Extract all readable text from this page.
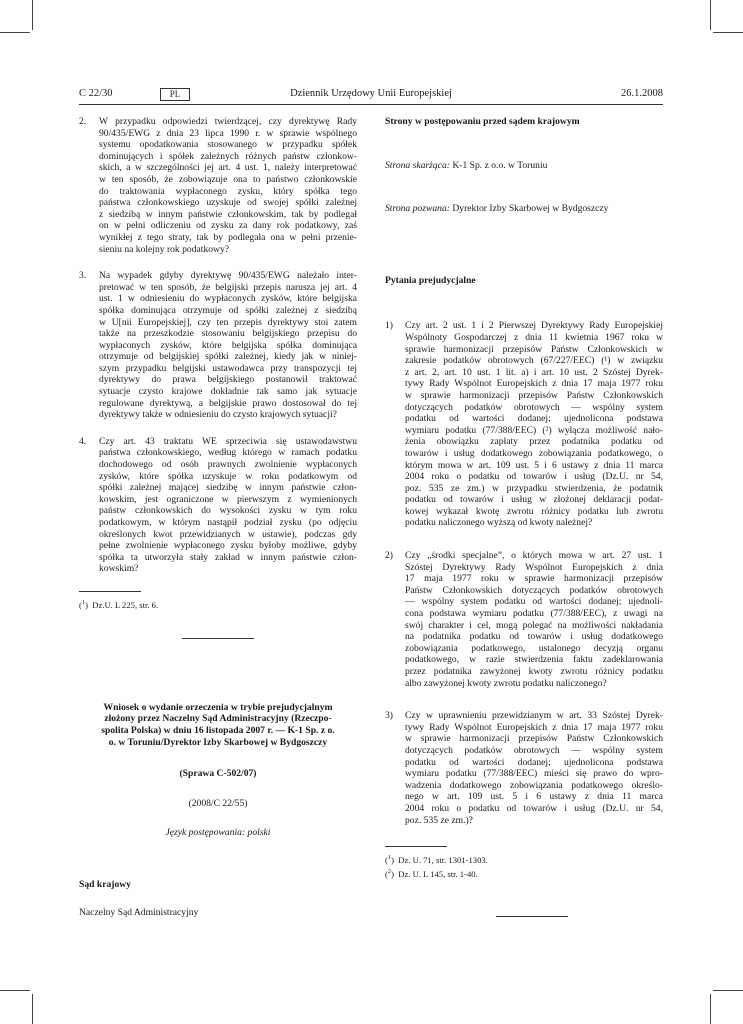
Dziennik Urzędowy Unii Europejskiej
C 22/30	PL	26.1.2008
2.	W przypadku odpowiedzi twierdzącej, czy dyrektywę Rady
90/435/EWG z dnia 23 lipca 1990 r. w sprawie wspólnego
systemu opodatkowania stosowanego w przypadku spółek
dominujących i spółek zależnych różnych państw członkow-
skich, a w szczególności jej art. 4 ust. 1, należy interpretować
w ten sposób, że zobowiązuje ona to państwo członkowskie
do traktowania wypłaconego zysku, który spółka tego
państwa członkowskiego uzyskuje od swojej spółki zależnej
z siedzibą w innym państwie członkowskim, tak by podlegał
on w pełni odliczeniu od zysku za dany rok podatkowy, zaś
wynikłej z tego straty, tak by podlegała ona w pełni przenie-
sieniu na kolejny rok podatkowy?
3.	Na wypadek gdyby dyrektywę 90/435/EWG należało inter-
pretować w ten sposób, że belgijski przepis narusza jej art. 4
ust. 1 w odniesieniu do wypłaconych zysków, które belgijska
spółka dominująca otrzymuje od spółki zależnej z siedzibą
w U[nii Europejskiej], czy ten przepis dyrektywy stoi zatem
także na przeszkodzie stosowaniu belgijskiego przepisu do
wypłaconych zysków, które belgijska spółka dominująca
otrzymuje od belgijskiej spółki zależnej, kiedy jak w niniej-
szym przypadku belgijski ustawodawca przy transpozycji tej
dyrektywy do prawa belgijskiego postanowił traktować
sytuacje czysto krajowe dokładnie tak samo jak sytuacje
regulowane dyrektywą, a belgijskie prawo dostosował do tej
dyrektywy także w odniesieniu do czysto krajowych sytuacji?
4.	Czy art. 43 traktatu WE sprzeciwia się ustawodawstwu
państwa członkowskiego, według którego w ramach podatku
dochodowego od osób prawnych zwolnienie wypłaconych
zysków, które spółka uzyskuje w roku podatkowym od
spółki zależnej mającej siedzibę w innym państwie człon-
kowskim, jest ograniczone w pierwszym z wymienionych
państw członkowskich do wysokości zysku w tym roku
podatkowym, w którym nastąpił podział zysku (po odjęciu
określonych kwot przewidzianych w ustawie), podczas gdy
pełne zwolnienie wypłaconego zysku byłoby możliwe, gdyby
spółka ta utworzyła stały zakład w innym państwie człon-
kowskim?
($^1$)  Dz.U. L 225, str. 6.
Wniosek o wydanie orzeczenia w trybie prejudycjalnym
złożony przez Naczelny Sąd Administracyjny (Rzeczpo-
spolita Polska) w dniu 16 listopada 2007 r. — K-1 Sp. z o.
o. w Toruniu/Dyrektor Izby Skarbowej w Bydgoszczy
(Sprawa C-502/07)
(2008/C 22/55)
Język postępowania: polski
Sąd krajowy
Naczelny Sąd Administracyjny
Strony w postępowaniu przed sądem krajowym
Strona skarżąca: K-1 Sp. z o.o. w Toruniu
Strona pozwana: Dyrektor Izby Skarbowej w Bydgoszczy
Pytania prejudycjalne
1)	Czy art. 2 ust. 1 i 2 Pierwszej Dyrektywy Rady Europejskiej
Wspólnoty Gospodarczej z dnia 11 kwietnia 1967 roku w
sprawie harmonizacji przepisów Państw Członkowskich w
zakresie podatków obrotowych (67/227/EEC) (¹) w związku
z art. 2, art. 10 ust. 1 lit. a) i art. 10 ust. 2 Szóstej Dyrek-
tywy Rady Wspólnot Europejskich z dnia 17 maja 1977 roku
w sprawie harmonizacji przepisów Państw Członkowskich
dotyczących podatków obrotowych — wspólny system
podatku od wartości dodanej; ujednolicona podstawa
wymiaru podatku (77/388/EEC) (²) wyłącza możliwość nało-
żenia obowiązku zapłaty przez podatnika podatku od
towarów i usług dodatkowego zobowiązania podatkowego, o
którym mowa w art. 109 ust. 5 i 6 ustawy z dnia 11 marca
2004 roku o podatku od towarów i usług (Dz.U. nr 54,
poz. 535 ze zm.) w przypadku stwierdzenia, że podatnik
podatku od towarów i usług w złożonej deklaracji podat-
kowej wykazał kwotę zwrotu różnicy podatku lub zwrotu
podatku naliczonego wyższą od kwoty należnej?
2)	Czy „środki specjalne”, o których mowa w art. 27 ust. 1
Szóstej Dyrektywy Rady Wspólnot Europejskich z dnia
17 maja 1977 roku w sprawie harmonizacji przepisów
Państw Członkowskich dotyczących podatków obrotowych
— wspólny system podatku od wartości dodanej; ujednoli-
cona podstawa wymiaru podatku (77/388/EEC), z uwagi na
swój charakter i cel, mogą polegać na możliwości nakładania
na podatnika podatku od towarów i usług dodatkowego
zobowiązania podatkowego, ustalonego decyzją organu
podatkowego, w razie stwierdzenia faktu zadeklarowania
przez podatnika zawyżonej kwoty zwrotu różnicy podatku
albo zawyżonej kwoty zwrotu podatku naliczonego?
3)	Czy w uprawnieniu przewidzianym w art. 33 Szóstej Dyrek-
tywy Rady Wspólnot Europejskich z dnia 17 maja 1977 roku
w sprawie harmonizacji przepisów Państw Członkowskich
dotyczących podatków obrotowych — wspólny system
podatku od wartości dodanej; ujednolicona podstawa
wymiaru podatku (77/388/EEC) mieści się prawo do wpro-
wadzenia dodatkowego zobowiązania podatkowego określo-
nego w art. 109 ust. 5 i 6 ustawy z dnia 11 marca
2004 roku o podatku od towarów i usług (Dz.U. nr 54,
poz. 535 ze zm.)?
($^1$)  Dz. U. 71, str. 1301-1303.
($^2$)  Dz. U. L 145, str. 1-40.
